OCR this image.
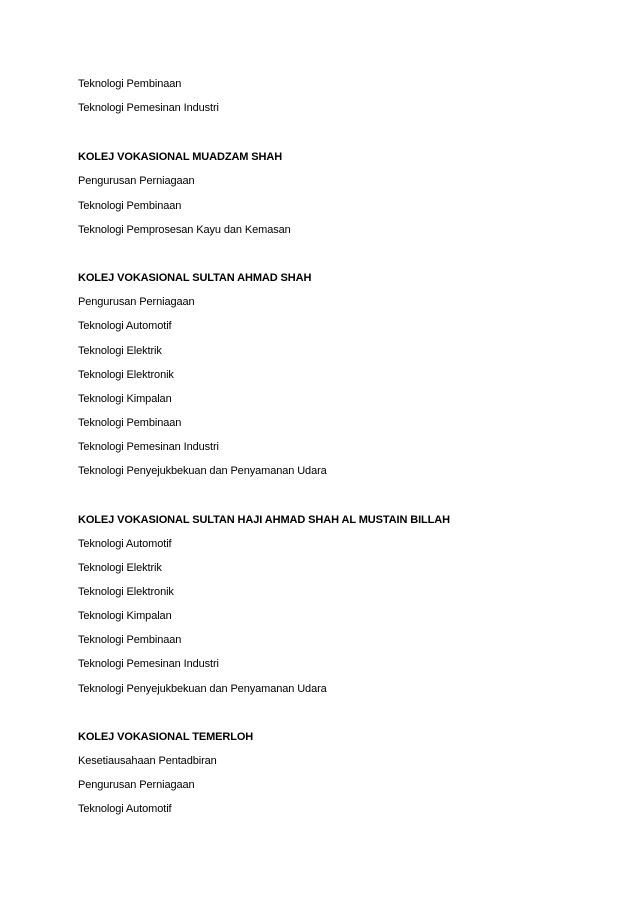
Teknologi Pembinaan
Teknologi Pemesinan Industri
KOLEJ VOKASIONAL MUADZAM SHAH
Pengurusan Perniagaan
Teknologi Pembinaan
Teknologi Pemprosesan Kayu dan Kemasan
KOLEJ VOKASIONAL SULTAN AHMAD SHAH
Pengurusan Perniagaan
Teknologi Automotif
Teknologi Elektrik
Teknologi Elektronik
Teknologi Kimpalan
Teknologi Pembinaan
Teknologi Pemesinan Industri
Teknologi Penyejukbekuan dan Penyamanan Udara
KOLEJ VOKASIONAL SULTAN HAJI AHMAD SHAH AL MUSTAIN BILLAH
Teknologi Automotif
Teknologi Elektrik
Teknologi Elektronik
Teknologi Kimpalan
Teknologi Pembinaan
Teknologi Pemesinan Industri
Teknologi Penyejukbekuan dan Penyamanan Udara
KOLEJ VOKASIONAL TEMERLOH
Kesetiausahaan Pentadbiran
Pengurusan Perniagaan
Teknologi Automotif
